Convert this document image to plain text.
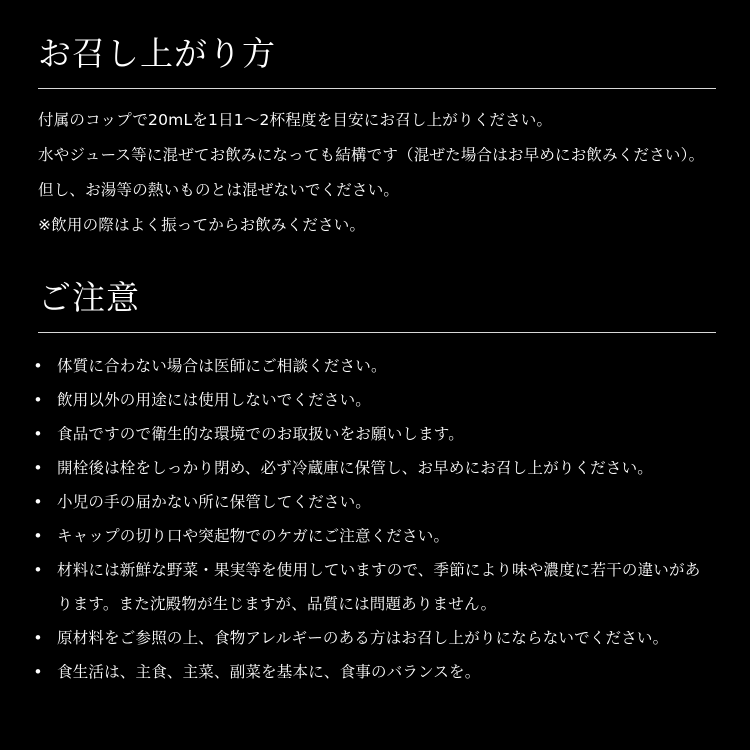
お召し上がり方

付属のコップで20mLを1日1～2杯程度を目安にお召し上がりください。

水やジュース等に混ぜてお飲みになっても結構です（混ぜた場合はお早めにお飲みください）。但し、お湯等の熱いものとは混ぜないでください。

※飲用の際はよく振ってからお飲みください。

ご注意
• 体質に合わない場合は医師にご相談ください。
• 飲用以外の用途には使用しないでください。
• 食品ですので衛生的な環境でのお取扱いをお願いします。
• 開栓後は栓をしっかり閉め、必ず冷蔵庫に保管し、お早めにお召し上がりください。
• 小児の手の届かない所に保管してください。
• キャップの切り口や突起物でのケガにご注意ください。
• 材料には新鮮な野菜・果実等を使用していますので、季節により味や濃度に若干の違いがあります。また沈殿物が生じますが、品質には問題ありません。
• 原材料をご参照の上、食物アレルギーのある方はお召し上がりにならないでください。
• 食生活は、主食、主菜、副菜を基本に、食事のバランスを。
